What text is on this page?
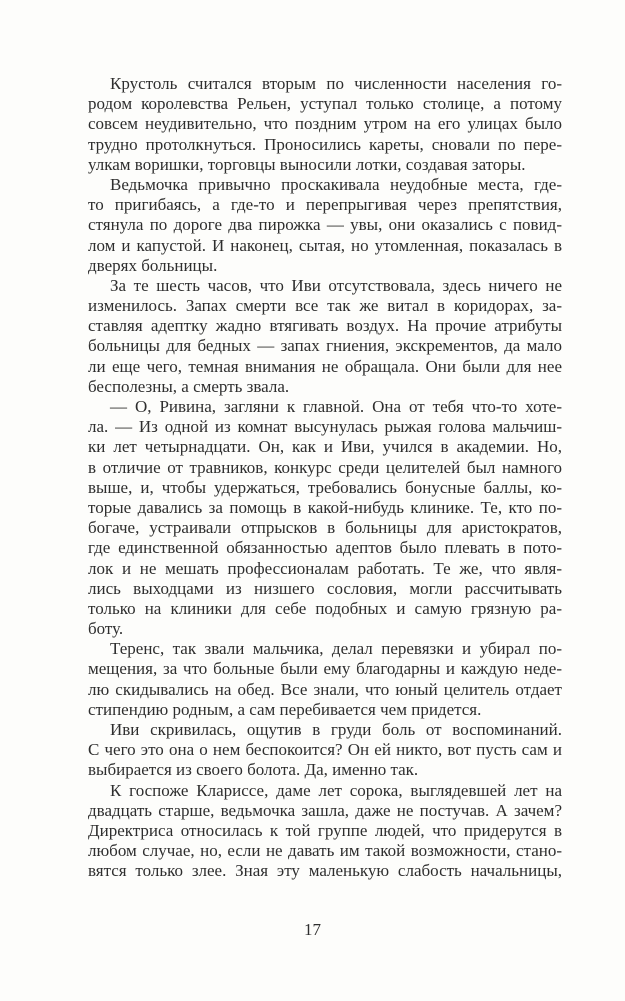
Крустоль считался вторым по численности населения го-
родом королевства Рельен, уступал только столице, а потому
совсем неудивительно, что поздним утром на его улицах было
трудно протолкнуться. Проносились кареты, сновали по пере-
улкам воришки, торговцы выносили лотки, создавая заторы.
Ведьмочка привычно проскакивала неудобные места, где-
то пригибаясь, а где-то и перепрыгивая через препятствия,
стянула по дороге два пирожка — увы, они оказались с повид-
лом и капустой. И наконец, сытая, но утомленная, показалась в
дверях больницы.
За те шесть часов, что Иви отсутствовала, здесь ничего не
изменилось. Запах смерти все так же витал в коридорах, за-
ставляя адептку жадно втягивать воздух. На прочие атрибуты
больницы для бедных — запах гниения, экскрементов, да мало
ли еще чего, темная внимания не обращала. Они были для нее
бесполезны, а смерть звала.
— О, Ривина, загляни к главной. Она от тебя что-то хоте-
ла. — Из одной из комнат высунулась рыжая голова мальчиш-
ки лет четырнадцати. Он, как и Иви, учился в академии. Но,
в отличие от травников, конкурс среди целителей был намного
выше, и, чтобы удержаться, требовались бонусные баллы, ко-
торые давались за помощь в какой-нибудь клинике. Те, кто по-
богаче, устраивали отпрысков в больницы для аристократов,
где единственной обязанностью адептов было плевать в пото-
лок и не мешать профессионалам работать. Те же, что явля-
лись выходцами из низшего сословия, могли рассчитывать
только на клиники для себе подобных и самую грязную ра-
боту.
Теренс, так звали мальчика, делал перевязки и убирал по-
мещения, за что больные были ему благодарны и каждую неде-
лю скидывались на обед. Все знали, что юный целитель отдает
стипендию родным, а сам перебивается чем придется.
Иви скривилась, ощутив в груди боль от воспоминаний.
С чего это она о нем беспокоится? Он ей никто, вот пусть сам и
выбирается из своего болота. Да, именно так.
К госпоже Клариссе, даме лет сорока, выглядевшей лет на
двадцать старше, ведьмочка зашла, даже не постучав. А зачем?
Директриса относилась к той группе людей, что придерутся в
любом случае, но, если не давать им такой возможности, стано-
вятся только злее. Зная эту маленькую слабость начальницы,
17
